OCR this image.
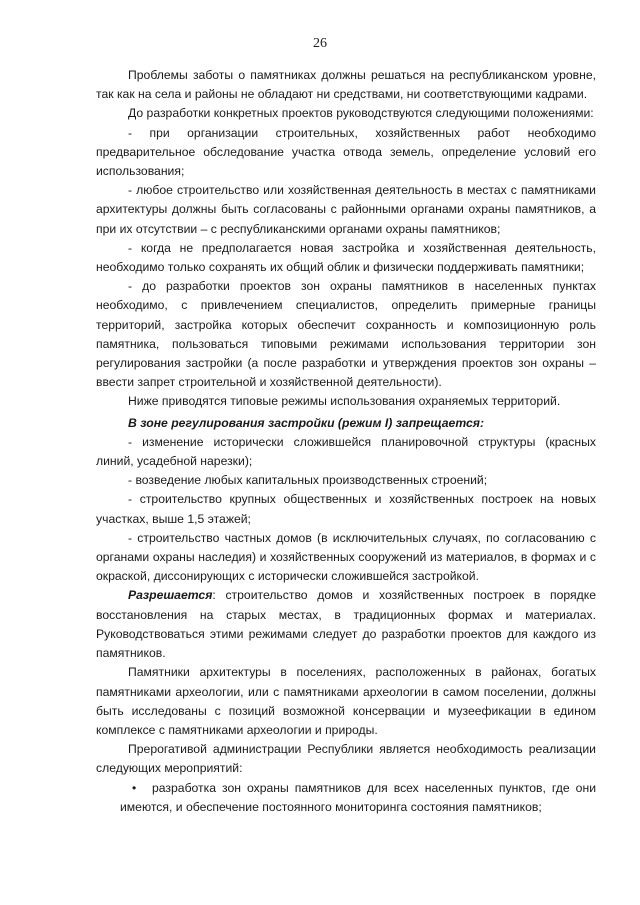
26

Проблемы заботы о памятниках должны решаться на республиканском уровне, так как на села и районы не обладают ни средствами, ни соответствующими кадрами.

До разработки конкретных проектов руководствуются следующими положениями:

- при организации строительных, хозяйственных работ необходимо предварительное обследование участка отвода земель, определение условий его использования;

- любое строительство или хозяйственная деятельность в местах с памятниками архитектуры должны быть согласованы с районными органами охраны памятников, а при их отсутствии – с республиканскими органами охраны памятников;

- когда не предполагается новая застройка и хозяйственная деятельность, необходимо только сохранять их общий облик и физически поддерживать памятники;

- до разработки проектов зон охраны памятников в населенных пунктах необходимо, с привлечением специалистов, определить примерные границы территорий, застройка которых обеспечит сохранность и композиционную роль памятника, пользоваться типовыми режимами использования территории зон регулирования застройки (а после разработки и утверждения проектов зон охраны – ввести запрет строительной и хозяйственной деятельности).

Ниже приводятся типовые режимы использования охраняемых территорий.

В зоне регулирования застройки (режим I) запрещается:

- изменение исторически сложившейся планировочной структуры (красных линий, усадебной нарезки);

- возведение любых капитальных производственных строений;

- строительство крупных общественных и хозяйственных построек на новых участках, выше 1,5 этажей;

- строительство частных домов (в исключительных случаях, по согласованию с органами охраны наследия) и хозяйственных сооружений из материалов, в формах и с окраской, диссонирующих с исторически сложившейся застройкой.

Разрешается: строительство домов и хозяйственных построек в порядке восстановления на старых местах, в традиционных формах и материалах. Руководствоваться этими режимами следует до разработки проектов для каждого из памятников.

Памятники архитектуры в поселениях, расположенных в районах, богатых памятниками археологии, или с памятниками археологии в самом поселении, должны быть исследованы с позиций возможной консервации и музеефикации в едином комплексе с памятниками археологии и природы.

Прерогативой администрации Республики является необходимость реализации следующих мероприятий:

• разработка зон охраны памятников для всех населенных пунктов, где они имеются, и обеспечение постоянного мониторинга состояния памятников;
